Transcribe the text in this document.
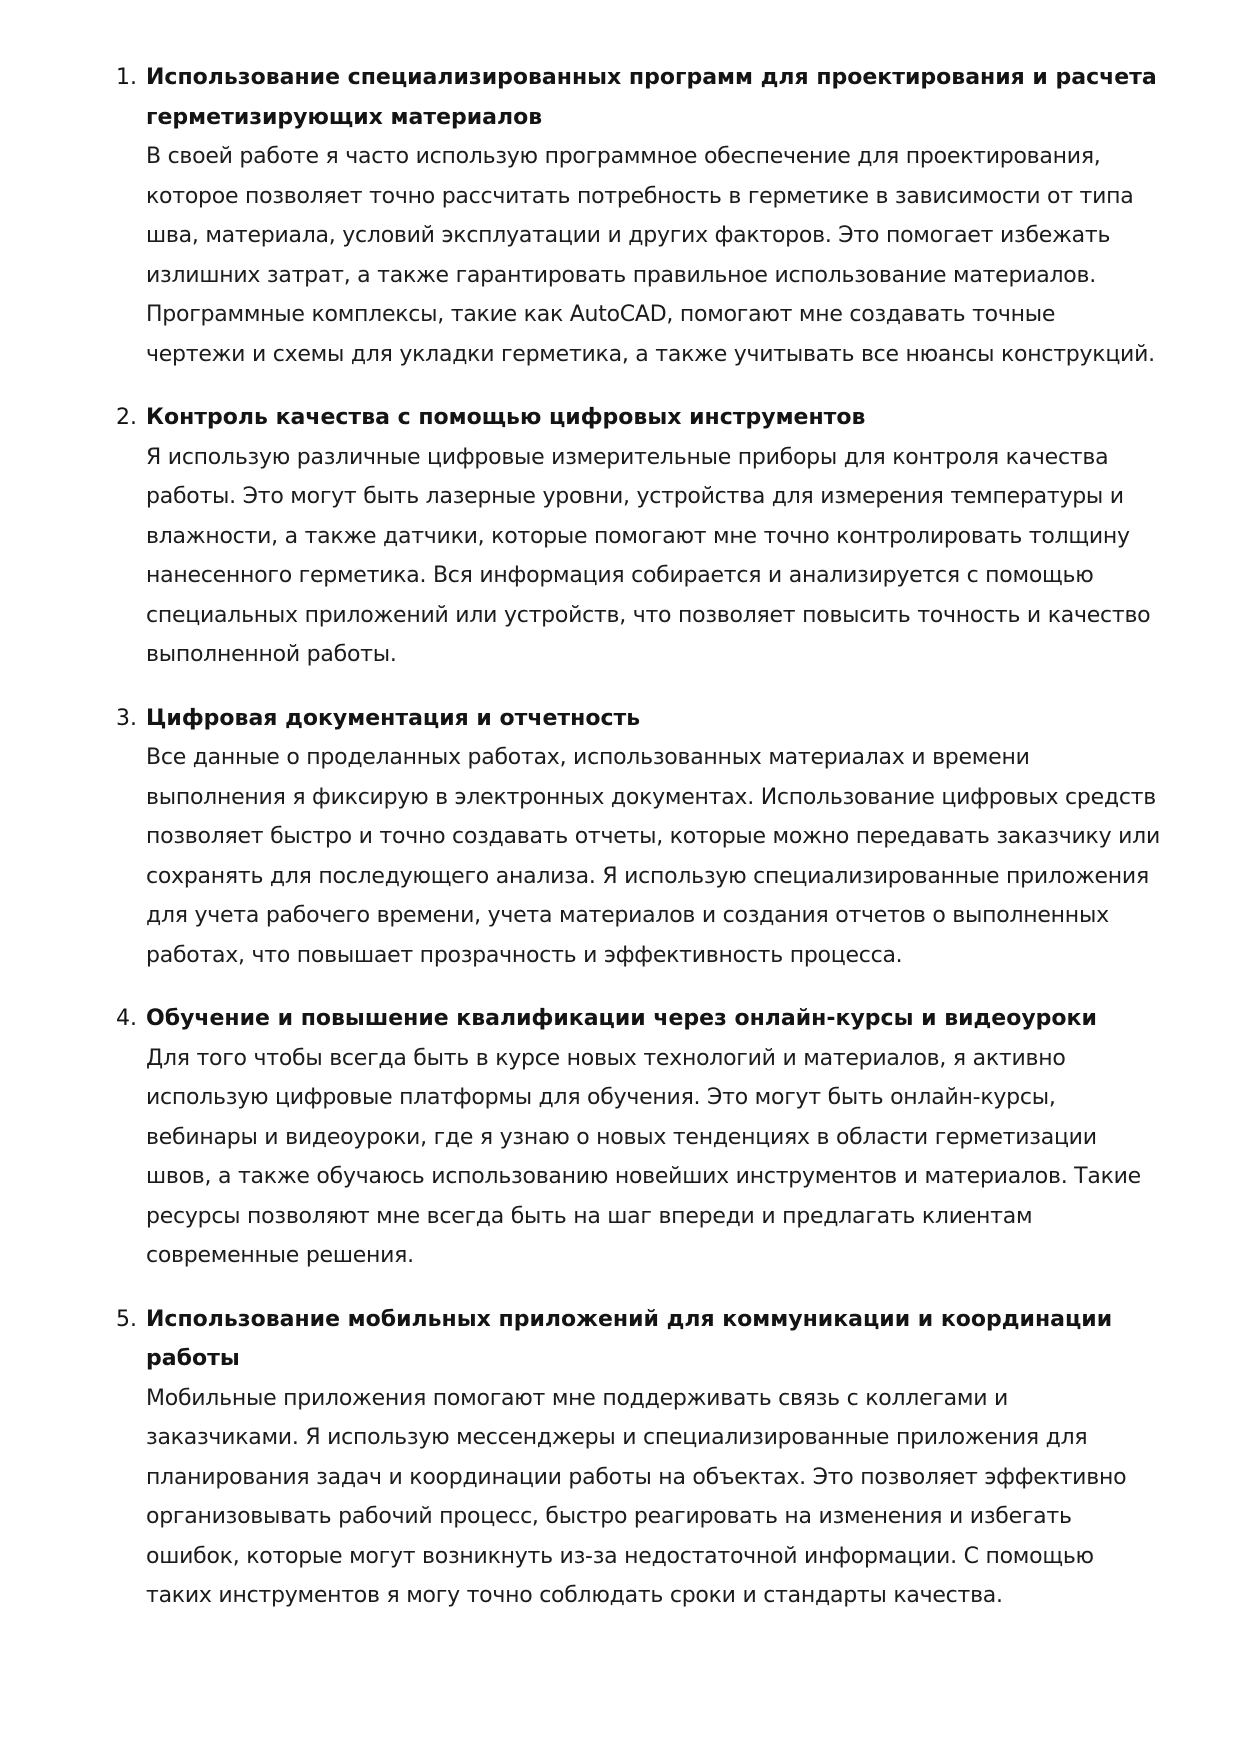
1. Использование специализированных программ для проектирования и расчета герметизирующих материалов
В своей работе я часто использую программное обеспечение для проектирования, которое позволяет точно рассчитать потребность в герметике в зависимости от типа шва, материала, условий эксплуатации и других факторов. Это помогает избежать излишних затрат, а также гарантировать правильное использование материалов. Программные комплексы, такие как AutoCAD, помогают мне создавать точные чертежи и схемы для укладки герметика, а также учитывать все нюансы конструкций.
2. Контроль качества с помощью цифровых инструментов
Я использую различные цифровые измерительные приборы для контроля качества работы. Это могут быть лазерные уровни, устройства для измерения температуры и влажности, а также датчики, которые помогают мне точно контролировать толщину нанесенного герметика. Вся информация собирается и анализируется с помощью специальных приложений или устройств, что позволяет повысить точность и качество выполненной работы.
3. Цифровая документация и отчетность
Все данные о проделанных работах, использованных материалах и времени выполнения я фиксирую в электронных документах. Использование цифровых средств позволяет быстро и точно создавать отчеты, которые можно передавать заказчику или сохранять для последующего анализа. Я использую специализированные приложения для учета рабочего времени, учета материалов и создания отчетов о выполненных работах, что повышает прозрачность и эффективность процесса.
4. Обучение и повышение квалификации через онлайн-курсы и видеоуроки
Для того чтобы всегда быть в курсе новых технологий и материалов, я активно использую цифровые платформы для обучения. Это могут быть онлайн-курсы, вебинары и видеоуроки, где я узнаю о новых тенденциях в области герметизации швов, а также обучаюсь использованию новейших инструментов и материалов. Такие ресурсы позволяют мне всегда быть на шаг впереди и предлагать клиентам современные решения.
5. Использование мобильных приложений для коммуникации и координации работы
Мобильные приложения помогают мне поддерживать связь с коллегами и заказчиками. Я использую мессенджеры и специализированные приложения для планирования задач и координации работы на объектах. Это позволяет эффективно организовывать рабочий процесс, быстро реагировать на изменения и избегать ошибок, которые могут возникнуть из-за недостаточной информации. С помощью таких инструментов я могу точно соблюдать сроки и стандарты качества.
